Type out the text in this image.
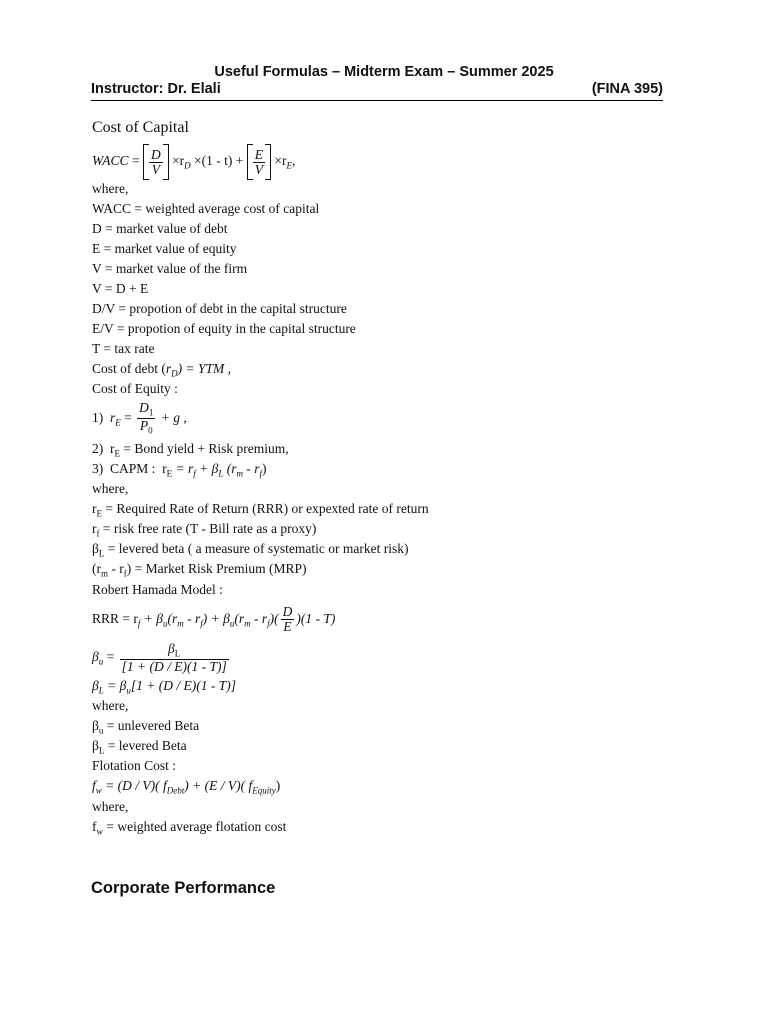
Useful Formulas – Midterm Exam – Summer 2025
Instructor: Dr. Elali	(FINA 395)
Cost of Capital
WACC = $\frac{D}{V} \times r_D \times(1 - t) + \frac{E}{V} \times r_E$,
where,
WACC = weighted average cost of capital
D = market value of debt
E = market value of equity
V = market value of the firm
V = D + E
D/V = propotion of debt in the capital structure
E/V = propotion of equity in the capital structure
T = tax rate
Cost of debt $(r_D)$ = YTM ,
Cost of Equity :
1) $r_E = \frac{D_1}{P_0} + g$ ,
2) $r_E$ = Bond yield + Risk premium,
3) CAPM : $r_E = r_f + \beta_L$ $(r_m - r_f)$
where,
$r_E$ = Required Rate of Return (RRR) or expexted rate of return
$r_f$ = risk free rate (T - Bill rate as a proxy)
$\beta_L$ = levered beta ( a measure of systematic or market risk)
$(r_m - r_f)$ = Market Risk Premium (MRP)
Robert Hamada Model :
RRR = $r_f + \beta_u(r_m - r_f) + \beta_u(r_m - r_f)( \frac{D}{E} )(1 - T)$
$\beta_u = \frac{\beta_L}{[1 + (D / E)(1 - T)]}$
$\beta_L = \beta_u[1 + (D / E)(1 - T)]$
where,
$\beta_u$ = unlevered Beta
$\beta_L$ = levered Beta
Flotation Cost :
$f_w = (D / V)$( $f_{Debt}) + (E / V)$( $f_{Equity}$)
where,
$f_w$ = weighted average flotation cost
Corporate Performance
